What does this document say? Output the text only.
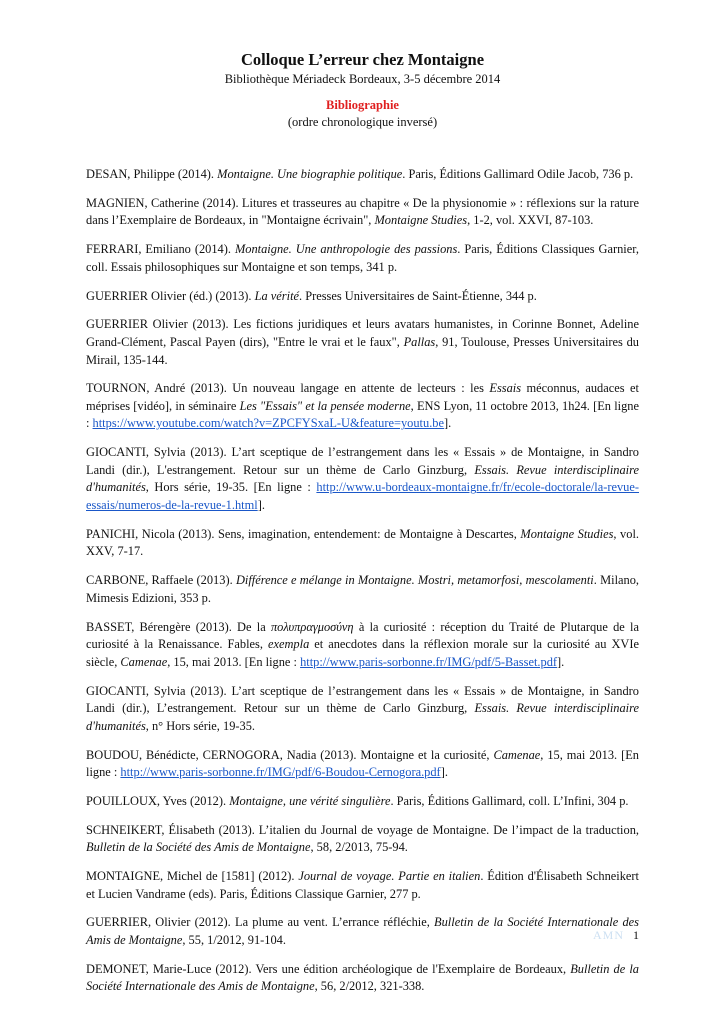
Colloque L’erreur chez Montaigne
Bibliothèque Mériadeck Bordeaux, 3-5 décembre 2014
Bibliographie
(ordre chronologique inversé)

DESAN, Philippe (2014). Montaigne. Une biographie politique. Paris, Éditions Gallimard Odile Jacob, 736 p.

MAGNIEN, Catherine (2014). Litures et trasseures au chapitre « De la physionomie » : réflexions sur la rature dans l’Exemplaire de Bordeaux, in "Montaigne écrivain", Montaigne Studies, 1-2, vol. XXVI, 87-103.

FERRARI, Emiliano (2014). Montaigne. Une anthropologie des passions. Paris, Éditions Classiques Garnier, coll. Essais philosophiques sur Montaigne et son temps, 341 p.

GUERRIER Olivier (éd.) (2013). La vérité. Presses Universitaires de Saint-Étienne, 344 p.

GUERRIER Olivier (2013). Les fictions juridiques et leurs avatars humanistes, in Corinne Bonnet, Adeline Grand-Clément, Pascal Payen (dirs), "Entre le vrai et le faux", Pallas, 91, Toulouse, Presses Universitaires du Mirail, 135-144.

TOURNON, André (2013). Un nouveau langage en attente de lecteurs : les Essais méconnus, audaces et méprises [vidéo], in séminaire Les "Essais" et la pensée moderne, ENS Lyon, 11 octobre 2013, 1h24. [En ligne : https://www.youtube.com/watch?v=ZPCFYSxaL-U&feature=youtu.be].

GIOCANTI, Sylvia (2013). L’art sceptique de l’estrangement dans les « Essais » de Montaigne, in Sandro Landi (dir.), L'estrangement. Retour sur un thème de Carlo Ginzburg, Essais. Revue interdisciplinaire d'humanités, Hors série, 19-35. [En ligne : http://www.u-bordeaux-montaigne.fr/fr/ecole-doctorale/la-revue-essais/numeros-de-la-revue-1.html].

PANICHI, Nicola (2013). Sens, imagination, entendement: de Montaigne à Descartes, Montaigne Studies, vol. XXV, 7-17.

CARBONE, Raffaele (2013). Différence e mélange in Montaigne. Mostri, metamorfosi, mescolamenti. Milano, Mimesis Edizioni, 353 p.

BASSET, Bérengère (2013). De la πολυπραγμοσύνη à la curiosité : réception du Traité de Plutarque de la curiosité à la Renaissance. Fables, exempla et anecdotes dans la réflexion morale sur la curiosité au XVIe siècle, Camenae, 15, mai 2013. [En ligne : http://www.paris-sorbonne.fr/IMG/pdf/5-Basset.pdf].

GIOCANTI, Sylvia (2013). L’art sceptique de l’estrangement dans les « Essais » de Montaigne, in Sandro Landi (dir.), L’estrangement. Retour sur un thème de Carlo Ginzburg, Essais. Revue interdisciplinaire d'humanités, n° Hors série, 19-35.

BOUDOU, Bénédicte, CERNOGORA, Nadia (2013). Montaigne et la curiosité, Camenae, 15, mai 2013. [En ligne : http://www.paris-sorbonne.fr/IMG/pdf/6-Boudou-Cernogora.pdf].

POUILLOUX, Yves (2012). Montaigne, une vérité singulière. Paris, Éditions Gallimard, coll. L’Infini, 304 p.

SCHNEIKERT, Élisabeth (2013). L’italien du Journal de voyage de Montaigne. De l’impact de la traduction, Bulletin de la Société des Amis de Montaigne, 58, 2/2013, 75-94.

MONTAIGNE, Michel de [1581] (2012). Journal de voyage. Partie en italien. Édition d'Élisabeth Schneikert et Lucien Vandrame (eds). Paris, Éditions Classique Garnier, 277 p.

GUERRIER, Olivier (2012). La plume au vent. L’errance réfléchie, Bulletin de la Société Internationale des Amis de Montaigne, 55, 1/2012, 91-104.

DEMONET, Marie-Luce (2012). Vers une édition archéologique de l'Exemplaire de Bordeaux, Bulletin de la Société Internationale des Amis de Montaigne, 56, 2/2012, 321-338.

AMN 1
